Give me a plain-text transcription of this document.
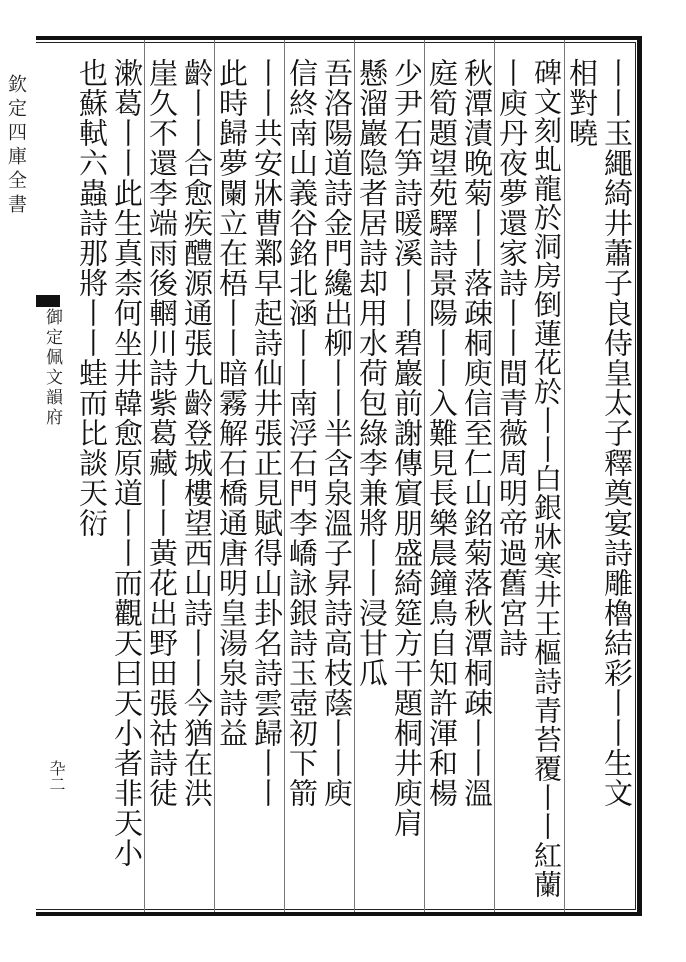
欽定四庫全書
御定佩文韻府
卆二	丨丨玉繩綺井蕭子良侍皇太子釋奠宴詩雕櫓結彩丨丨生文
相對曉
碑文刻虬龍於洞房倒蓮花於丨丨白銀牀寒井王樞詩青苔覆丨丨紅蘭
丨庾丹夜夢還家詩丨丨間青薇周明帝過舊宮詩
秋潭漬晚菊丨丨落疎桐庾信至仁山銘菊落秋潭桐疎丨丨溫
庭筍題望苑驛詩景陽丨丨入難見長樂晨鐘鳥自知許渾和楊
少尹石笋詩暖溪丨丨碧巖前謝傳賔朋盛綺筵方干題桐井庾肩
懸溜巖隐者居詩却用水荷包綠李兼將丨丨浸甘瓜
吾洛陽道詩金門纔出柳丨丨半含泉溫子昇詩高枝蔭丨丨庾
信終南山義谷銘北涵丨丨南浮石門李嶠詠銀詩玉壺初下箭
丨丨共安牀曹鄴早起詩仙井張正見賦得山卦名詩雲歸丨丨
此時歸夢闌立在梧丨丨暗霧解石橋通唐明皇湯泉詩益
齡丨丨合愈疾醴源通張九齡登城樓望西山詩丨丨今猶在洪
崖久不還李端雨後輞川詩紫葛藏丨丨黃花出野田張祜詩徒
漱葛丨丨此生真柰何坐井韓愈原道丨丨而觀天曰天小者非天小
也蘇軾六蟲詩那將丨丨蛙而比談天衍
